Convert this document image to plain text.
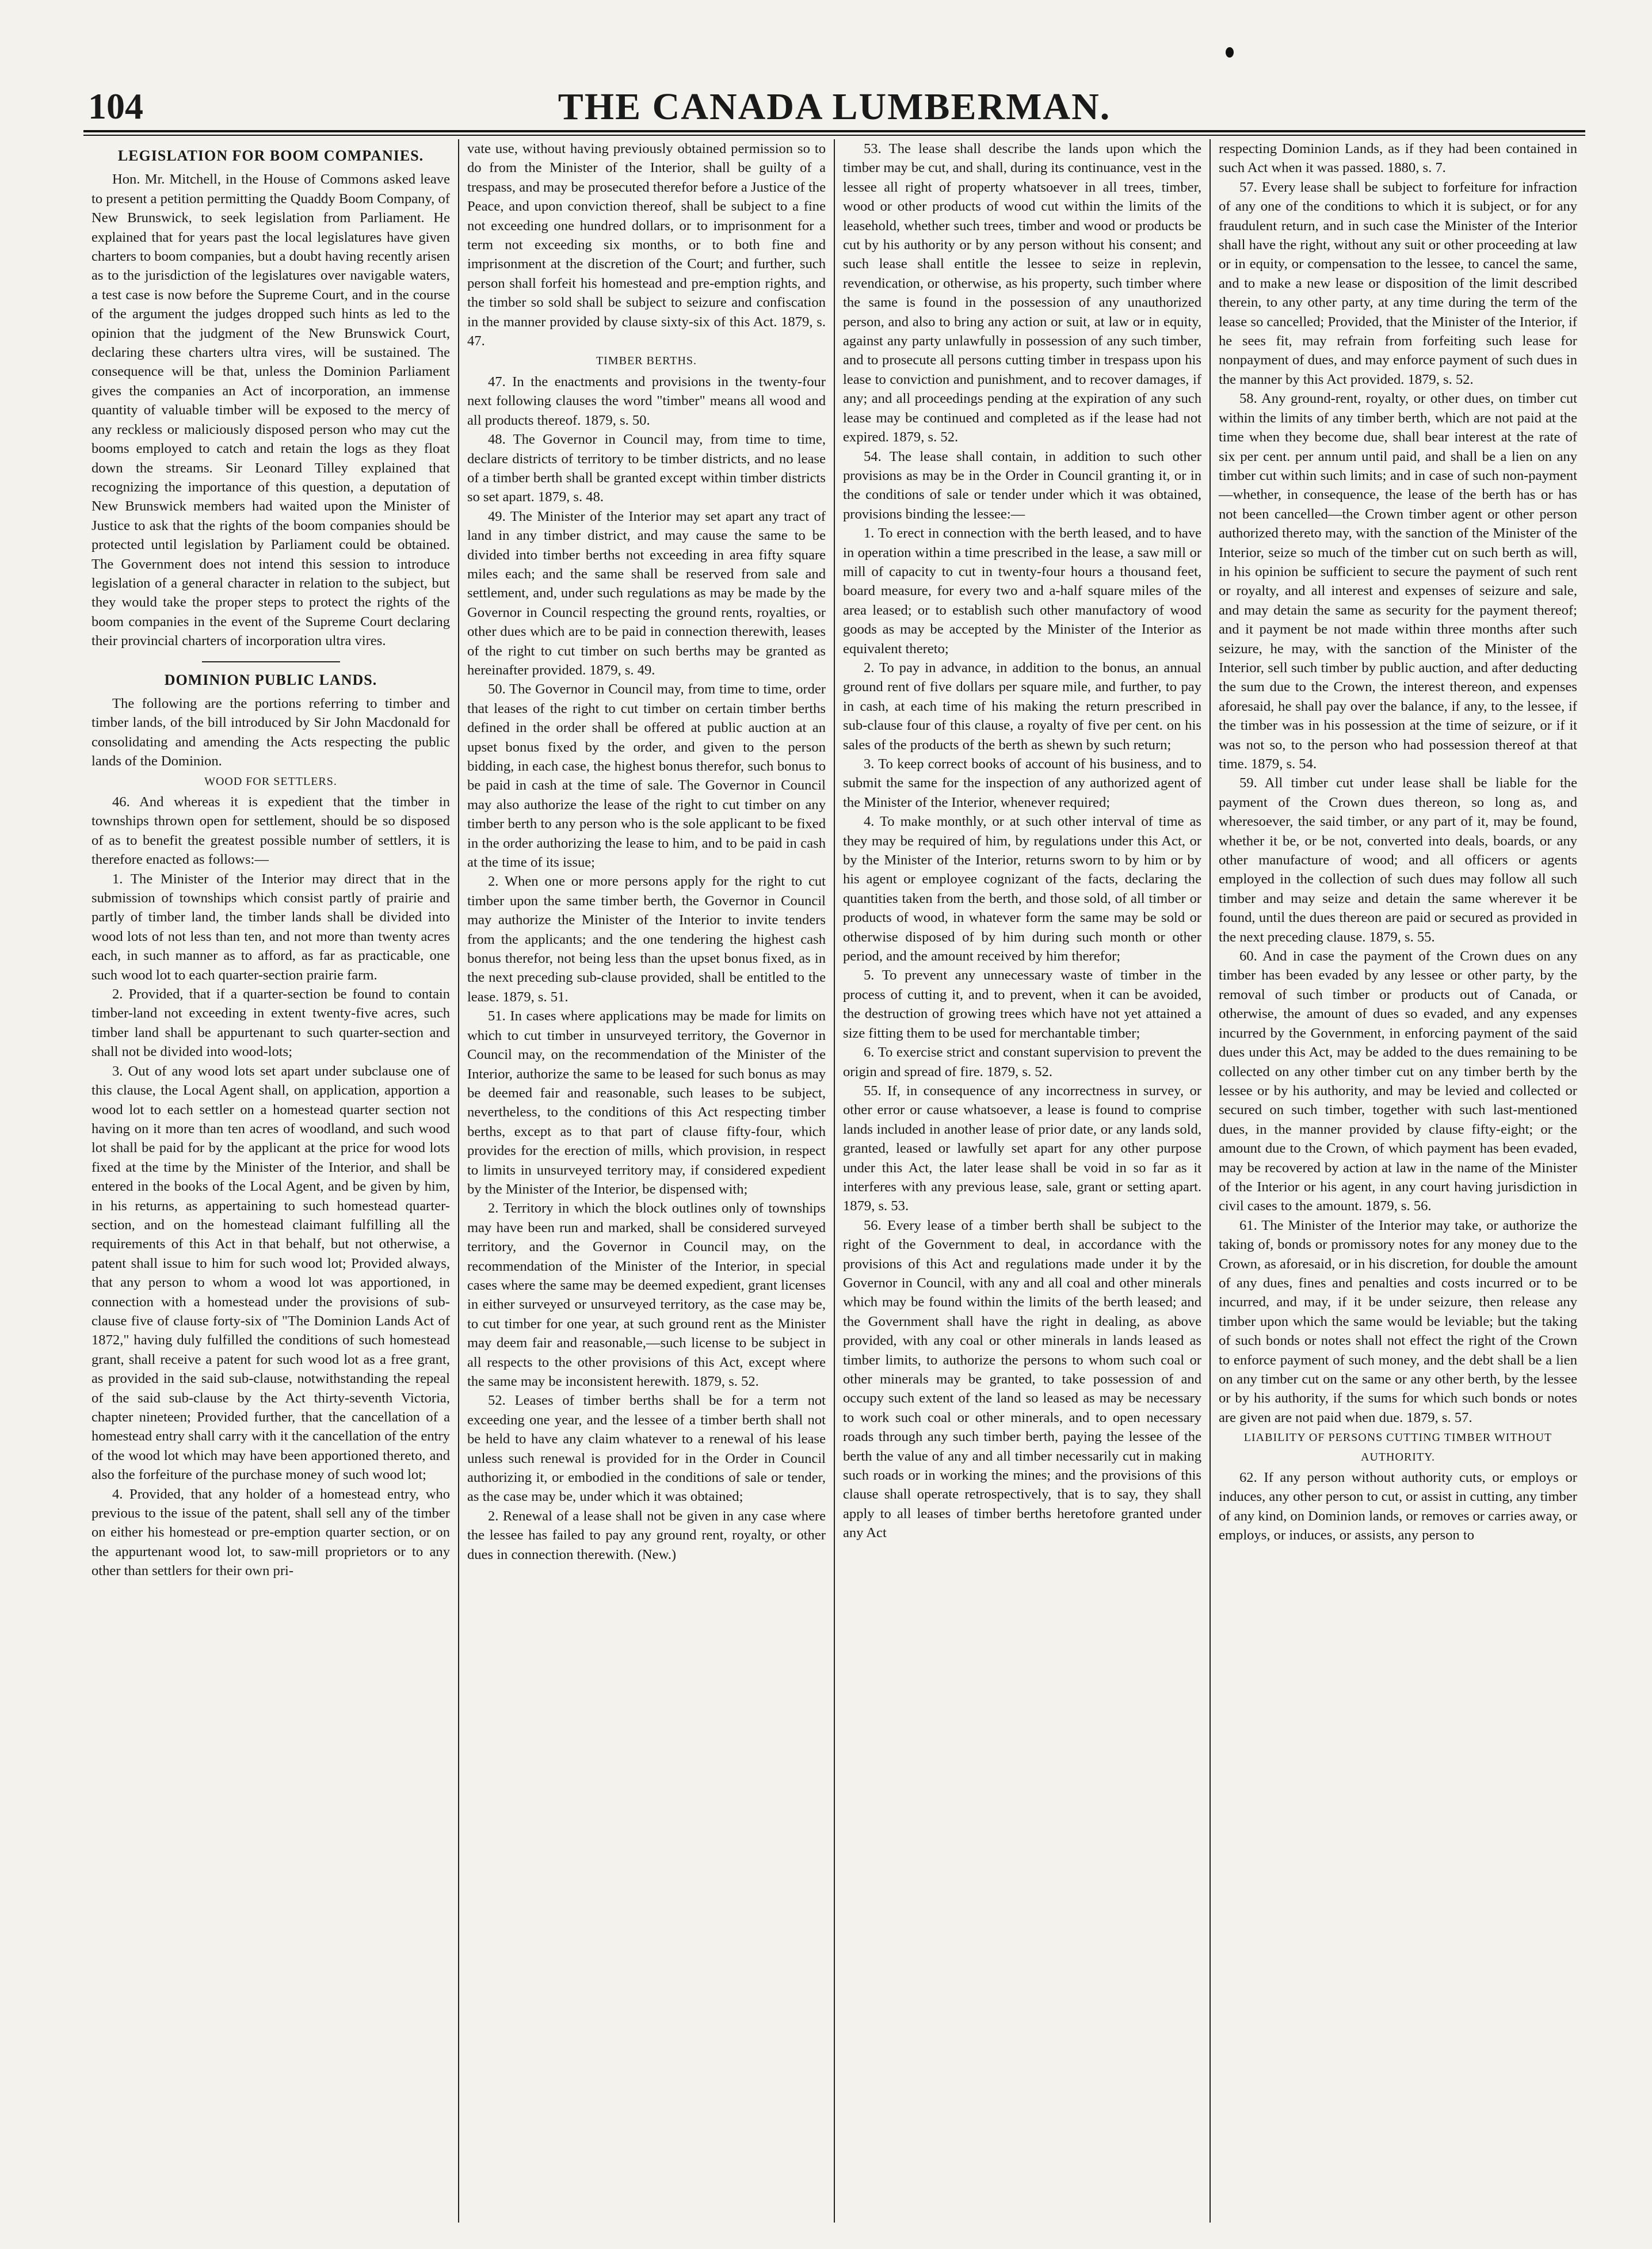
104	THE CANADA LUMBERMAN.
LEGISLATION FOR BOOM COMPANIES.

Hon. Mr. Mitchell, in the House of Commons asked leave to present a petition permitting the Quaddy Boom Company, of New Brunswick, to seek legislation from Parliament. He explained that for years past the local legislatures have given charters to boom companies, but a doubt having recently arisen as to the jurisdiction of the legislatures over navigable waters, a test case is now before the Supreme Court, and in the course of the argument the judges dropped such hints as led to the opinion that the judgment of the New Brunswick Court, declaring these charters ultra vires, will be sustained. The consequence will be that, unless the Dominion Parliament gives the companies an Act of incorporation, an immense quantity of valuable timber will be exposed to the mercy of any reckless or maliciously disposed person who may cut the booms employed to catch and retain the logs as they float down the streams. Sir Leonard Tilley explained that recognizing the importance of this question, a deputation of New Brunswick members had waited upon the Minister of Justice to ask that the rights of the boom companies should be protected until legislation by Parliament could be obtained. The Government does not intend this session to introduce legislation of a general character in relation to the subject, but they would take the proper steps to protect the rights of the boom companies in the event of the Supreme Court declaring their provincial charters of incorporation ultra vires.

DOMINION PUBLIC LANDS.

The following are the portions referring to timber and timber lands, of the bill introduced by Sir John Macdonald for consolidating and amending the Acts respecting the public lands of the Dominion.

WOOD FOR SETTLERS.

46. And whereas it is expedient that the timber in townships thrown open for settlement, should be so disposed of as to benefit the greatest possible number of settlers, it is therefore enacted as follows:—

1. The Minister of the Interior may direct that in the submission of townships which consist partly of prairie and partly of timber land, the timber lands shall be divided into wood lots of not less than ten, and not more than twenty acres each, in such manner as to afford, as far as practicable, one such wood lot to each quarter-section prairie farm.

2. Provided, that if a quarter-section be found to contain timber-land not exceeding in extent twenty-five acres, such timber land shall be appurtenant to such quarter-section and shall not be divided into wood-lots;

3. Out of any wood lots set apart under subclause one of this clause, the Local Agent shall, on application, apportion a wood lot to each settler on a homestead quarter section not having on it more than ten acres of woodland, and such wood lot shall be paid for by the applicant at the price for wood lots fixed at the time by the Minister of the Interior, and shall be entered in the books of the Local Agent, and be given by him, in his returns, as appertaining to such homestead quarter-section, and on the homestead claimant fulfilling all the requirements of this Act in that behalf, but not otherwise, a patent shall issue to him for such wood lot; Provided always, that any person to whom a wood lot was apportioned, in connection with a homestead under the provisions of sub-clause five of clause forty-six of "The Dominion Lands Act of 1872," having duly fulfilled the conditions of such homestead grant, shall receive a patent for such wood lot as a free grant, as provided in the said sub-clause, notwithstanding the repeal of the said sub-clause by the Act thirty-seventh Victoria, chapter nineteen; Provided further, that the cancellation of a homestead entry shall carry with it the cancellation of the entry of the wood lot which may have been apportioned thereto, and also the forfeiture of the purchase money of such wood lot;

4. Provided, that any holder of a homestead entry, who previous to the issue of the patent, shall sell any of the timber on either his homestead or pre-emption quarter section, or on the appurtenant wood lot, to saw-mill proprietors or to any other than settlers for their own pri-

vate use, without having previously obtained permission so to do from the Minister of the Interior, shall be guilty of a trespass, and may be prosecuted therefor before a Justice of the Peace, and upon conviction thereof, shall be subject to a fine not exceeding one hundred dollars, or to imprisonment for a term not exceeding six months, or to both fine and imprisonment at the discretion of the Court; and further, such person shall forfeit his homestead and pre-emption rights, and the timber so sold shall be subject to seizure and confiscation in the manner provided by clause sixty-six of this Act. 1879, s. 47.

TIMBER BERTHS.

47. In the enactments and provisions in the twenty-four next following clauses the word "timber" means all wood and all products thereof. 1879, s. 50.

48. The Governor in Council may, from time to time, declare districts of territory to be timber districts, and no lease of a timber berth shall be granted except within timber districts so set apart. 1879, s. 48.

49. The Minister of the Interior may set apart any tract of land in any timber district, and may cause the same to be divided into timber berths not exceeding in area fifty square miles each; and the same shall be reserved from sale and settlement, and, under such regulations as may be made by the Governor in Council respecting the ground rents, royalties, or other dues which are to be paid in connection therewith, leases of the right to cut timber on such berths may be granted as hereinafter provided. 1879, s. 49.

50. The Governor in Council may, from time to time, order that leases of the right to cut timber on certain timber berths defined in the order shall be offered at public auction at an upset bonus fixed by the order, and given to the person bidding, in each case, the highest bonus therefor, such bonus to be paid in cash at the time of sale. The Governor in Council may also authorize the lease of the right to cut timber on any timber berth to any person who is the sole applicant to be fixed in the order authorizing the lease to him, and to be paid in cash at the time of its issue;

2. When one or more persons apply for the right to cut timber upon the same timber berth, the Governor in Council may authorize the Minister of the Interior to invite tenders from the applicants; and the one tendering the highest cash bonus therefor, not being less than the upset bonus fixed, as in the next preceding sub-clause provided, shall be entitled to the lease. 1879, s. 51.

51. In cases where applications may be made for limits on which to cut timber in unsurveyed territory, the Governor in Council may, on the recommendation of the Minister of the Interior, authorize the same to be leased for such bonus as may be deemed fair and reasonable, such leases to be subject, nevertheless, to the conditions of this Act respecting timber berths, except as to that part of clause fifty-four, which provides for the erection of mills, which provision, in respect to limits in unsurveyed territory may, if considered expedient by the Minister of the Interior, be dispensed with;

2. Territory in which the block outlines only of townships may have been run and marked, shall be considered surveyed territory, and the Governor in Council may, on the recommendation of the Minister of the Interior, in special cases where the same may be deemed expedient, grant licenses in either surveyed or unsurveyed territory, as the case may be, to cut timber for one year, at such ground rent as the Minister may deem fair and reasonable,—such license to be subject in all respects to the other provisions of this Act, except where the same may be inconsistent herewith. 1879, s. 52.

52. Leases of timber berths shall be for a term not exceeding one year, and the lessee of a timber berth shall not be held to have any claim whatever to a renewal of his lease unless such renewal is provided for in the Order in Council authorizing it, or embodied in the conditions of sale or tender, as the case may be, under which it was obtained;

2. Renewal of a lease shall not be given in any case where the lessee has failed to pay any ground rent, royalty, or other dues in connection therewith. (New.)

53. The lease shall describe the lands upon which the timber may be cut, and shall, during its continuance, vest in the lessee all right of property whatsoever in all trees, timber, wood or other products of wood cut within the limits of the leasehold, whether such trees, timber and wood or products be cut by his authority or by any person without his consent; and such lease shall entitle the lessee to seize in replevin, revendication, or otherwise, as his property, such timber where the same is found in the possession of any unauthorized person, and also to bring any action or suit, at law or in equity, against any party unlawfully in possession of any such timber, and to prosecute all persons cutting timber in trespass upon his lease to conviction and punishment, and to recover damages, if any; and all proceedings pending at the expiration of any such lease may be continued and completed as if the lease had not expired. 1879, s. 52.

54. The lease shall contain, in addition to such other provisions as may be in the Order in Council granting it, or in the conditions of sale or tender under which it was obtained, provisions binding the lessee:—

1. To erect in connection with the berth leased, and to have in operation within a time prescribed in the lease, a saw mill or mill of capacity to cut in twenty-four hours a thousand feet, board measure, for every two and a-half square miles of the area leased; or to establish such other manufactory of wood goods as may be accepted by the Minister of the Interior as equivalent thereto;

2. To pay in advance, in addition to the bonus, an annual ground rent of five dollars per square mile, and further, to pay in cash, at each time of his making the return prescribed in sub-clause four of this clause, a royalty of five per cent. on his sales of the products of the berth as shewn by such return;

3. To keep correct books of account of his business, and to submit the same for the inspection of any authorized agent of the Minister of the Interior, whenever required;

4. To make monthly, or at such other interval of time as they may be required of him, by regulations under this Act, or by the Minister of the Interior, returns sworn to by him or by his agent or employee cognizant of the facts, declaring the quantities taken from the berth, and those sold, of all timber or products of wood, in whatever form the same may be sold or otherwise disposed of by him during such month or other period, and the amount received by him therefor;

5. To prevent any unnecessary waste of timber in the process of cutting it, and to prevent, when it can be avoided, the destruction of growing trees which have not yet attained a size fitting them to be used for merchantable timber;

6. To exercise strict and constant supervision to prevent the origin and spread of fire. 1879, s. 52.

55. If, in consequence of any incorrectness in survey, or other error or cause whatsoever, a lease is found to comprise lands included in another lease of prior date, or any lands sold, granted, leased or lawfully set apart for any other purpose under this Act, the later lease shall be void in so far as it interferes with any previous lease, sale, grant or setting apart. 1879, s. 53.

56. Every lease of a timber berth shall be subject to the right of the Government to deal, in accordance with the provisions of this Act and regulations made under it by the Governor in Council, with any and all coal and other minerals which may be found within the limits of the berth leased; and the Government shall have the right in dealing, as above provided, with any coal or other minerals in lands leased as timber limits, to authorize the persons to whom such coal or other minerals may be granted, to take possession of and occupy such extent of the land so leased as may be necessary to work such coal or other minerals, and to open necessary roads through any such timber berth, paying the lessee of the berth the value of any and all timber necessarily cut in making such roads or in working the mines; and the provisions of this clause shall operate retrospectively, that is to say, they shall apply to all leases of timber berths heretofore granted under any Act

respecting Dominion Lands, as if they had been contained in such Act when it was passed. 1880, s. 7.

57. Every lease shall be subject to forfeiture for infraction of any one of the conditions to which it is subject, or for any fraudulent return, and in such case the Minister of the Interior shall have the right, without any suit or other proceeding at law or in equity, or compensation to the lessee, to cancel the same, and to make a new lease or disposition of the limit described therein, to any other party, at any time during the term of the lease so cancelled; Provided, that the Minister of the Interior, if he sees fit, may refrain from forfeiting such lease for nonpayment of dues, and may enforce payment of such dues in the manner by this Act provided. 1879, s. 52.

58. Any ground-rent, royalty, or other dues, on timber cut within the limits of any timber berth, which are not paid at the time when they become due, shall bear interest at the rate of six per cent. per annum until paid, and shall be a lien on any timber cut within such limits; and in case of such non-payment—whether, in consequence, the lease of the berth has or has not been cancelled—the Crown timber agent or other person authorized thereto may, with the sanction of the Minister of the Interior, seize so much of the timber cut on such berth as will, in his opinion be sufficient to secure the payment of such rent or royalty, and all interest and expenses of seizure and sale, and may detain the same as security for the payment thereof; and it payment be not made within three months after such seizure, he may, with the sanction of the Minister of the Interior, sell such timber by public auction, and after deducting the sum due to the Crown, the interest thereon, and expenses aforesaid, he shall pay over the balance, if any, to the lessee, if the timber was in his possession at the time of seizure, or if it was not so, to the person who had possession thereof at that time. 1879, s. 54.

59. All timber cut under lease shall be liable for the payment of the Crown dues thereon, so long as, and wheresoever, the said timber, or any part of it, may be found, whether it be, or be not, converted into deals, boards, or any other manufacture of wood; and all officers or agents employed in the collection of such dues may follow all such timber and may seize and detain the same wherever it be found, until the dues thereon are paid or secured as provided in the next preceding clause. 1879, s. 55.

60. And in case the payment of the Crown dues on any timber has been evaded by any lessee or other party, by the removal of such timber or products out of Canada, or otherwise, the amount of dues so evaded, and any expenses incurred by the Government, in enforcing payment of the said dues under this Act, may be added to the dues remaining to be collected on any other timber cut on any timber berth by the lessee or by his authority, and may be levied and collected or secured on such timber, together with such last-mentioned dues, in the manner provided by clause fifty-eight; or the amount due to the Crown, of which payment has been evaded, may be recovered by action at law in the name of the Minister of the Interior or his agent, in any court having jurisdiction in civil cases to the amount. 1879, s. 56.

61. The Minister of the Interior may take, or authorize the taking of, bonds or promissory notes for any money due to the Crown, as aforesaid, or in his discretion, for double the amount of any dues, fines and penalties and costs incurred or to be incurred, and may, if it be under seizure, then release any timber upon which the same would be leviable; but the taking of such bonds or notes shall not effect the right of the Crown to enforce payment of such money, and the debt shall be a lien on any timber cut on the same or any other berth, by the lessee or by his authority, if the sums for which such bonds or notes are given are not paid when due. 1879, s. 57.

LIABILITY OF PERSONS CUTTING TIMBER WITHOUT AUTHORITY.

62. If any person without authority cuts, or employs or induces, any other person to cut, or assist in cutting, any timber of any kind, on Dominion lands, or removes or carries away, or employs, or induces, or assists, any person to
